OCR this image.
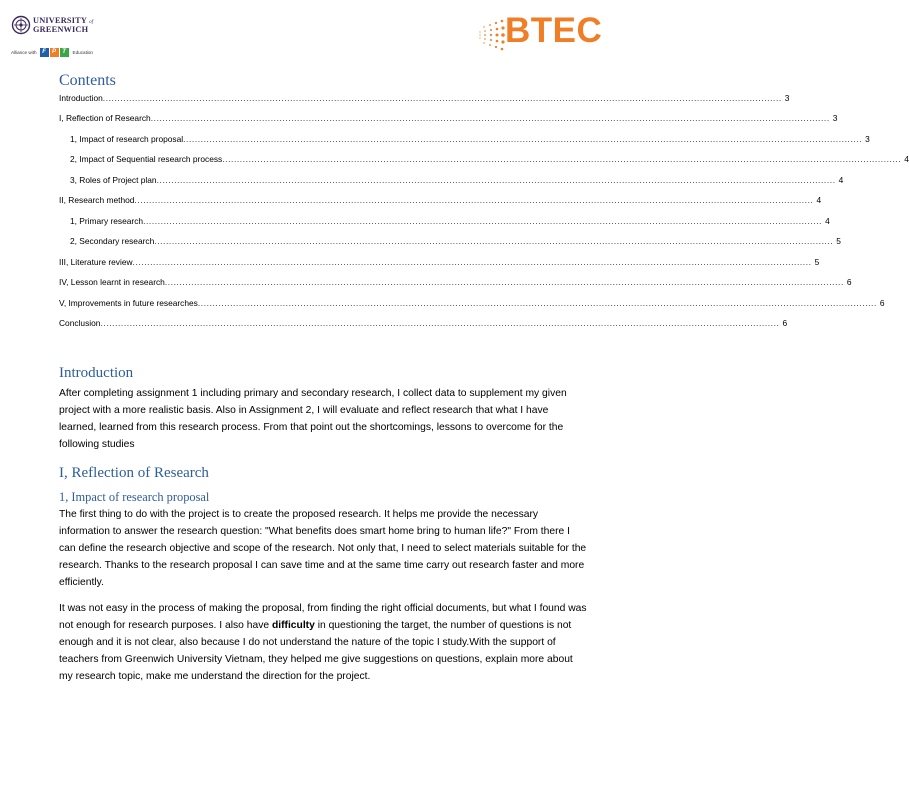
UNIVERSITY of
GREENWICH
Alliance with F	P	T	Education
BTEC
Contents
Introduction ........................................................................................................................................................................................................................................ 3
I, Reflection of Research ........................................................................................................................................................................................................................................ 3
1, Impact of research proposal ........................................................................................................................................................................................................................................ 3
2, Impact of Sequential research process ........................................................................................................................................................................................................................................ 4
3, Roles of Project plan ........................................................................................................................................................................................................................................ 4
II, Research method ........................................................................................................................................................................................................................................ 4
1, Primary research ........................................................................................................................................................................................................................................ 4
2, Secondary research ........................................................................................................................................................................................................................................ 5
III, Literature review ........................................................................................................................................................................................................................................ 5
IV, Lesson learnt in research ........................................................................................................................................................................................................................................ 6
V, Improvements in future researches ........................................................................................................................................................................................................................................ 6
Conclusion ........................................................................................................................................................................................................................................ 6
Introduction
After completing assignment 1 including primary and secondary research, I collect data to supplement my given project with a more realistic basis. Also in Assignment 2, I will evaluate and reflect research that what I have learned, learned from this research process. From that point out the shortcomings, lessons to overcome for the following studies
I, Reflection of Research
1, Impact of research proposal
The first thing to do with the project is to create the proposed research. It helps me provide the necessary information to answer the research question: "What benefits does smart home bring to human life?" From there I can define the research objective and scope of the research. Not only that, I need to select materials suitable for the research. Thanks to the research proposal I can save time and at the same time carry out research faster and more efficiently.
It was not easy in the process of making the proposal, from finding the right official documents, but what I found was not enough for research purposes. I also have difficulty in questioning the target, the number of questions is not enough and it is not clear, also because I do not understand the nature of the topic I study.With the support of teachers from Greenwich University Vietnam, they helped me give suggestions on questions, explain more about my research topic, make me understand the direction for the project.
